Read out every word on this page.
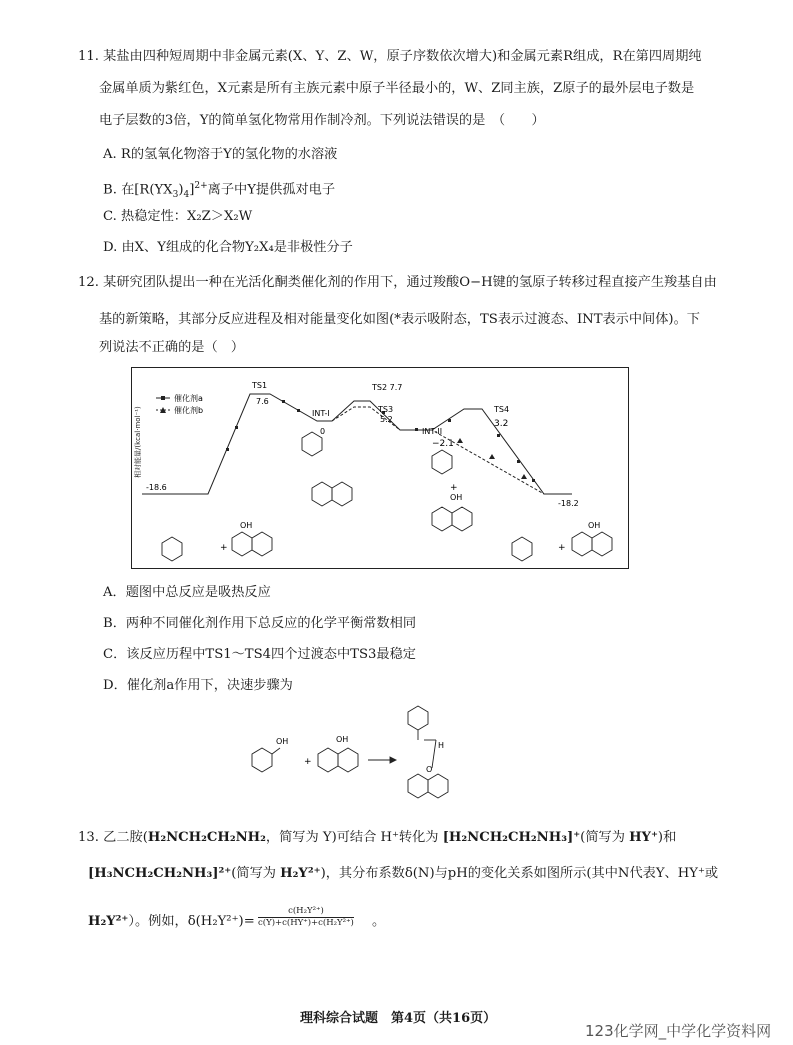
11. 某盐由四种短周期中非金属元素(X、Y、Z、W，原子序数依次增大)和金属元素R组成，R在第四周期纯
金属单质为紫红色，X元素是所有主族元素中原子半径最小的，W、Z同主族，Z原子的最外层电子数是
电子层数的3倍，Y的简单氢化物常用作制冷剂。下列说法错误的是　（　　）
A. R的氢氧化物溶于Y的氢化物的水溶液
B. 在$[R(YX_3)_4]^{2+}$离子中Y提供孤对电子
C. 热稳定性：X₂Z＞X₂W
D. 由X、Y组成的化合物Y₂X₄是非极性分子
12. 某研究团队提出一种在光活化酮类催化剂的作用下，通过羧酸O−H键的氢原子转移过程直接产生羧基自由
基的新策略，其部分反应进程及相对能量变化如图(*表示吸附态，TS表示过渡态、INT表示中间体)。下
列说法不正确的是（　）
相对能量/(kcal·mol⁻¹)
催化剂a
催化剂b
-18.6
TS1
7.6
TS2 7.7
TS3
5.2
INT-I
0	INT-II
−2.1
TS4
3.2
-18.2
OH
+
+	+
OH	OH
A．题图中总反应是吸热反应
B．两种不同催化剂作用下总反应的化学平衡常数相同
C．该反应历程中TS1～TS4四个过渡态中TS3最稳定
D．催化剂a作用下，决速步骤为
OH
+
OH
H
O
13. 乙二胺(H₂NCH₂CH₂NH₂，简写为 Y)可结合 H⁺转化为 [H₂NCH₂CH₂NH₃]⁺(简写为 HY⁺)和
[H₃NCH₂CH₂NH₃]²⁺(简写为 H₂Y²⁺)，其分布系数δ(N)与pH的变化关系如图所示(其中N代表Y、HY⁺或
H₂Y²⁺）。例如，$\delta(H_2Y^{2+})= \frac{\text{c(H₂Y²⁺)}}{\text{c(Y)+c(HY⁺)+c(H₂Y²⁺)}}$ 。
理科综合试题　第4页（共16页）
123化学网_中学化学资料网
